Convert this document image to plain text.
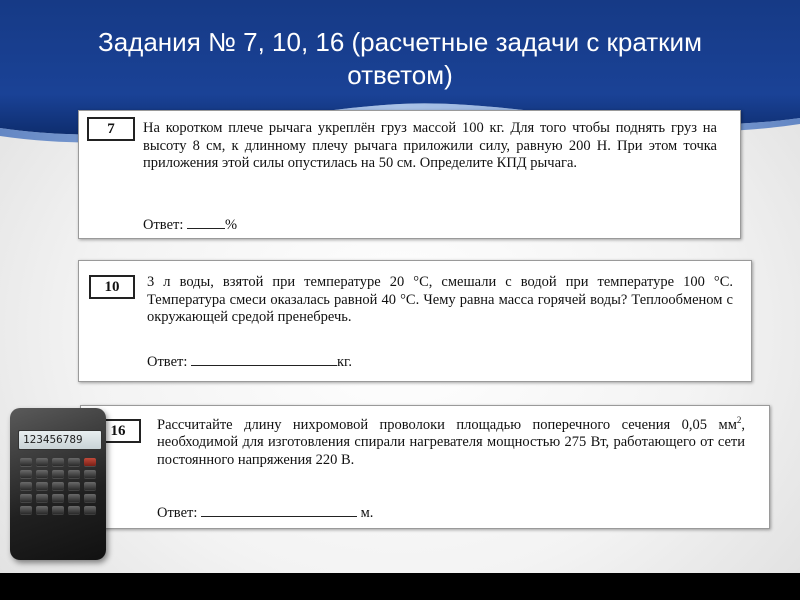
Задания № 7, 10, 16 (расчетные задачи с кратким
ответом)
7	На коротком плече рычага укреплён груз массой 100 кг. Для того чтобы поднять груз на высоту 8 см, к длинному плечу рычага приложили силу, равную 200 Н. При этом точка приложения этой силы опустилась на 50 см. Определите КПД рычага.
Ответ:	%
10	3 л воды, взятой при температуре 20 °С, смешали с водой при температуре 100 °С. Температура смеси оказалась равной 40 °С. Чему равна масса горячей воды? Теплообменом с окружающей средой пренебречь.
Ответ:	кг.
16	Рассчитайте длину нихромовой проволоки площадью поперечного сечения 0,05 $мм^2$, необходимой для изготовления спирали нагревателя мощностью 275 Вт, работающего от сети постоянного напряжения 220 В.
Ответ:	м.
123456789
